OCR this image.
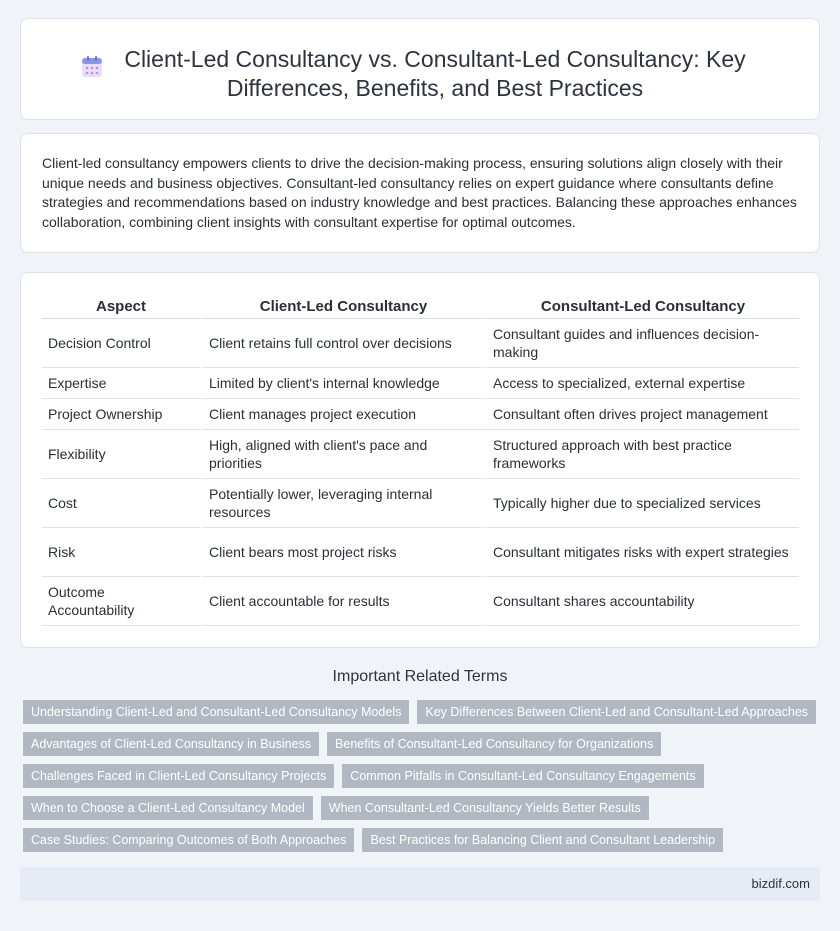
Client-Led Consultancy vs. Consultant-Led Consultancy: Key Differences, Benefits, and Best Practices

Client-led consultancy empowers clients to drive the decision-making process, ensuring solutions align closely with their unique needs and business objectives. Consultant-led consultancy relies on expert guidance where consultants define strategies and recommendations based on industry knowledge and best practices. Balancing these approaches enhances collaboration, combining client insights with consultant expertise for optimal outcomes.

Aspect	Client-Led Consultancy	Consultant-Led Consultancy
Decision Control	Client retains full control over decisions	Consultant guides and influences decision-making
Expertise	Limited by client's internal knowledge	Access to specialized, external expertise
Project Ownership	Client manages project execution	Consultant often drives project management
Flexibility	High, aligned with client's pace and priorities	Structured approach with best practice frameworks
Cost	Potentially lower, leveraging internal resources	Typically higher due to specialized services
Risk	Client bears most project risks	Consultant mitigates risks with expert strategies
Outcome Accountability	Client accountable for results	Consultant shares accountability
Important Related Terms
Understanding Client-Led and Consultant-Led Consultancy Models	Key Differences Between Client-Led and Consultant-Led Approaches
Advantages of Client-Led Consultancy in Business	Benefits of Consultant-Led Consultancy for Organizations
Challenges Faced in Client-Led Consultancy Projects	Common Pitfalls in Consultant-Led Consultancy Engagements
When to Choose a Client-Led Consultancy Model	When Consultant-Led Consultancy Yields Better Results
Case Studies: Comparing Outcomes of Both Approaches	Best Practices for Balancing Client and Consultant Leadership
bizdif.com
